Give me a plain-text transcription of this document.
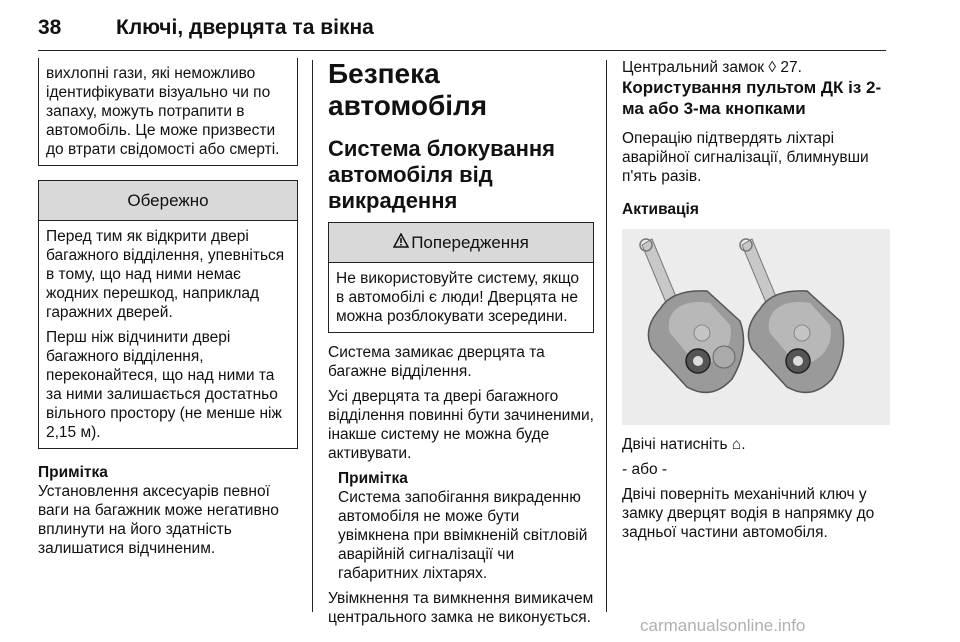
38	Ключі, дверцята та вікна
вихлопні гази, які неможливо ідентифікувати візуально чи по запаху, можуть потрапити в автомобіль. Це може призвести до втрати свідомості або смерті.
Обережно

Перед тим як відкрити двері багажного відділення, упевніться в тому, що над ними немає жодних перешкод, наприклад гаражних дверей.

Перш ніж відчинити двері багажного відділення, переконайтеся, що над ними та за ними залишається достатньо вільного простору (не менше ніж 2,15 м).

Примітка

Установлення аксесуарів певної ваги на багажник може негативно вплинути на його здатність залишатися відчиненим.

Безпека автомобіля
Система блокування автомобіля від викрадення
Попередження
Не використовуйте систему, якщо в автомобілі є люди! Дверцята не можна розблокувати зсередини.

Система замикає дверцята та багажне відділення.

Усі дверцята та двері багажного відділення повинні бути зачиненими, інакше систему не можна буде активувати.

Примітка

Система запобігання викраденню автомобіля не може бути увімкнена при ввімкненій світловій аварійній сигналізації чи габаритних ліхтарях.

Увімкнення та вимкнення вимикачем центрального замка не виконується.

Центральний замок ◊ 27.

Користування пультом ДК із 2-ма або 3-ма кнопками

Операцію підтвердять ліхтарі аварійної сигналізації, блимнувши п'ять разів.

Активація

Двічі натисніть ⌂.

- або -

Двічі поверніть механічний ключ у замку дверцят водія в напрямку до задньої частини автомобіля.

carmanualsonline.info
